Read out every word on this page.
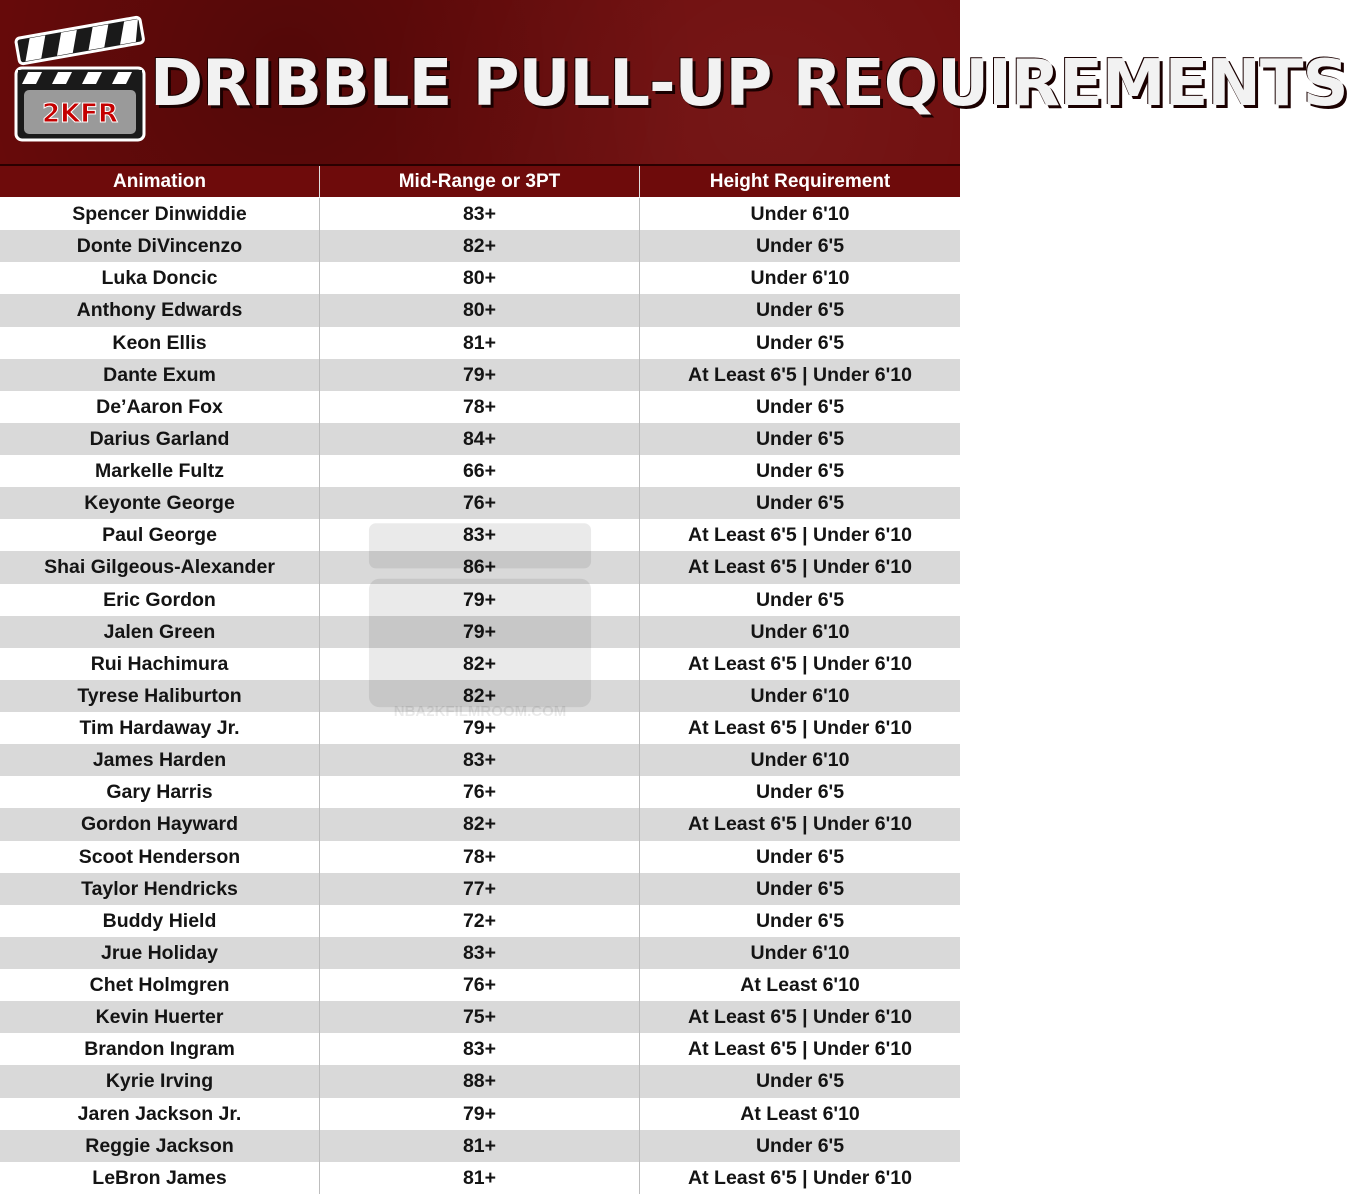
2KFR DRIBBLE PULL-UP REQUIREMENTS
Animation	Mid-Range or 3PT	Height Requirement
Spencer Dinwiddie	83+	Under 6'10
Donte DiVincenzo	82+	Under 6'5
Luka Doncic	80+	Under 6'10
Anthony Edwards	80+	Under 6'5
Keon Ellis	81+	Under 6'5
Dante Exum	79+	At Least 6'5 | Under 6'10
De’Aaron Fox	78+	Under 6'5
Darius Garland	84+	Under 6'5
Markelle Fultz	66+	Under 6'5
Keyonte George	76+	Under 6'5
Paul George	83+	At Least 6'5 | Under 6'10
Shai Gilgeous-Alexander	86+	At Least 6'5 | Under 6'10
Eric Gordon	79+	Under 6'5
Jalen Green	79+	Under 6'10
Rui Hachimura	82+	At Least 6'5 | Under 6'10
Tyrese Haliburton	82+	Under 6'10
Tim Hardaway Jr.	79+	At Least 6'5 | Under 6'10
James Harden	83+	Under 6'10
Gary Harris	76+	Under 6'5
Gordon Hayward	82+	At Least 6'5 | Under 6'10
Scoot Henderson	78+	Under 6'5
Taylor Hendricks	77+	Under 6'5
Buddy Hield	72+	Under 6'5
Jrue Holiday	83+	Under 6'10
Chet Holmgren	76+	At Least 6'10
Kevin Huerter	75+	At Least 6'5 | Under 6'10
Brandon Ingram	83+	At Least 6'5 | Under 6'10
Kyrie Irving	88+	Under 6'5
Jaren Jackson Jr.	79+	At Least 6'10
Reggie Jackson	81+	Under 6'5
LeBron James	81+	At Least 6'5 | Under 6'10
NBA2KFILMROOM.COM
